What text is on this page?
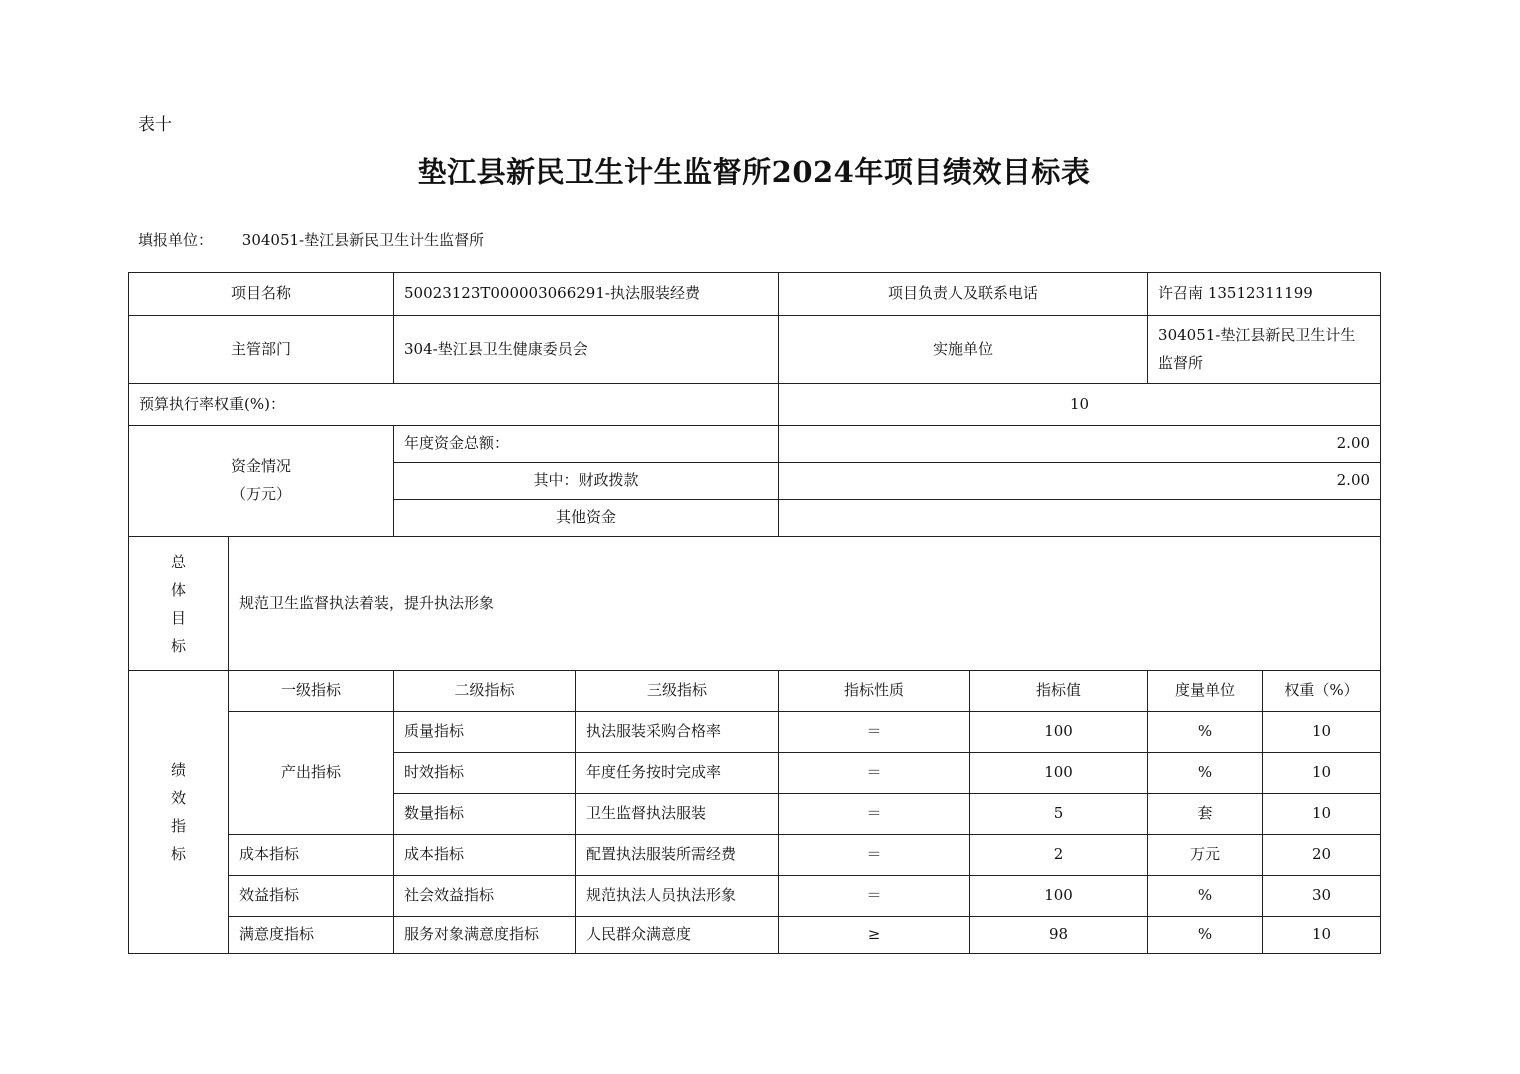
表十
垫江县新民卫生计生监督所2024年项目绩效目标表
填报单位： 304051-垫江县新民卫生计生监督所
项目名称		50023123T000003066291-执法服装经费		项目负责人及联系电话		许召南 13512311199	
主管部门		304-垫江县卫生健康委员会		实施单位		304051-垫江县新民卫生计生监督所	
预算执行率权重(%)：				10			

资金情况
（万元）		年度资金总额：		2.00			
		其中：财政拨款		2.00			
		其他资金					

总
体
目
标	规范卫生监督执法着装，提升执法形象						

绩
效
指
标	一级指标	二级指标	三级指标	指标性质	指标值	度量单位	权重（%）
	产出指标	质量指标	执法服装采购合格率	＝	100	%	10
		时效指标	年度任务按时完成率	＝	100	%	10
		数量指标	卫生监督执法服装	＝	5	套	10
	成本指标	成本指标	配置执法服装所需经费	＝	2	万元	20
	效益指标	社会效益指标	规范执法人员执法形象	＝	100	%	30
	满意度指标	服务对象满意度指标	人民群众满意度	≥	98	%	10
